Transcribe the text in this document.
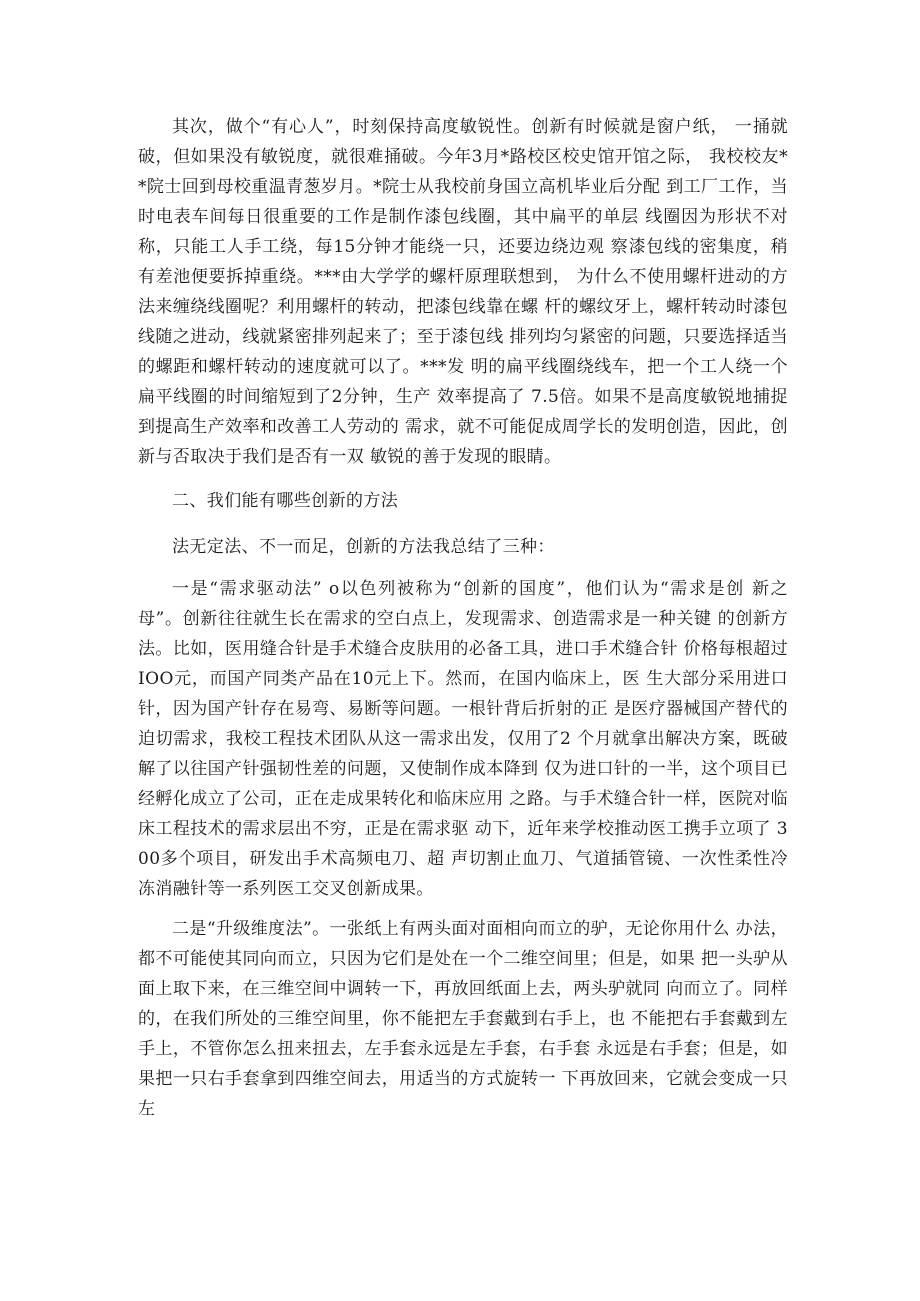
其次，做个“有心人”，时刻保持高度敏锐性。创新有时候就是窗户纸， 一捅就破，但如果没有敏锐度，就很难捅破。今年3月*路校区校史馆开馆之际， 我校校友**院士回到母校重温青葱岁月。*院士从我校前身国立高机毕业后分配 到工厂工作，当时电表车间每日很重要的工作是制作漆包线圈，其中扁平的单层 线圈因为形状不对称，只能工人手工绕，每15分钟才能绕一只，还要边绕边观 察漆包线的密集度，稍有差池便要拆掉重绕。***由大学学的螺杆原理联想到， 为什么不使用螺杆进动的方法来缠绕线圈呢？利用螺杆的转动，把漆包线靠在螺 杆的螺纹牙上，螺杆转动时漆包线随之进动，线就紧密排列起来了；至于漆包线 排列均匀紧密的问题，只要选择适当的螺距和螺杆转动的速度就可以了。***发 明的扁平线圈绕线车，把一个工人绕一个扁平线圈的时间缩短到了2分钟，生产 效率提高了 7.5倍。如果不是高度敏锐地捕捉到提高生产效率和改善工人劳动的 需求，就不可能促成周学长的发明创造，因此，创新与否取决于我们是否有一双 敏锐的善于发现的眼睛。

二、我们能有哪些创新的方法

法无定法、不一而足，创新的方法我总结了三种：

一是“需求驱动法” o以色列被称为“创新的国度”，他们认为“需求是创 新之母”。创新往往就生长在需求的空白点上，发现需求、创造需求是一种关键 的创新方法。比如，医用缝合针是手术缝合皮肤用的必备工具，进口手术缝合针 价格每根超过IOO元，而国产同类产品在10元上下。然而，在国内临床上，医 生大部分采用进口针，因为国产针存在易弯、易断等问题。一根针背后折射的正 是医疗器械国产替代的迫切需求，我校工程技术团队从这一需求出发，仅用了2 个月就拿出解决方案，既破解了以往国产针强韧性差的问题，又使制作成本降到 仅为进口针的一半，这个项目已经孵化成立了公司，正在走成果转化和临床应用 之路。与手术缝合针一样，医院对临床工程技术的需求层出不穷，正是在需求驱 动下，近年来学校推动医工携手立项了 300多个项目，研发出手术高频电刀、超 声切割止血刀、气道插管镜、一次性柔性冷冻消融针等一系列医工交叉创新成果。

二是“升级维度法”。一张纸上有两头面对面相向而立的驴，无论你用什么 办法，都不可能使其同向而立，只因为它们是处在一个二维空间里；但是，如果 把一头驴从面上取下来，在三维空间中调转一下，再放回纸面上去，两头驴就同 向而立了。同样的，在我们所处的三维空间里，你不能把左手套戴到右手上，也 不能把右手套戴到左手上，不管你怎么扭来扭去，左手套永远是左手套，右手套 永远是右手套；但是，如果把一只右手套拿到四维空间去，用适当的方式旋转一 下再放回来，它就会变成一只左
